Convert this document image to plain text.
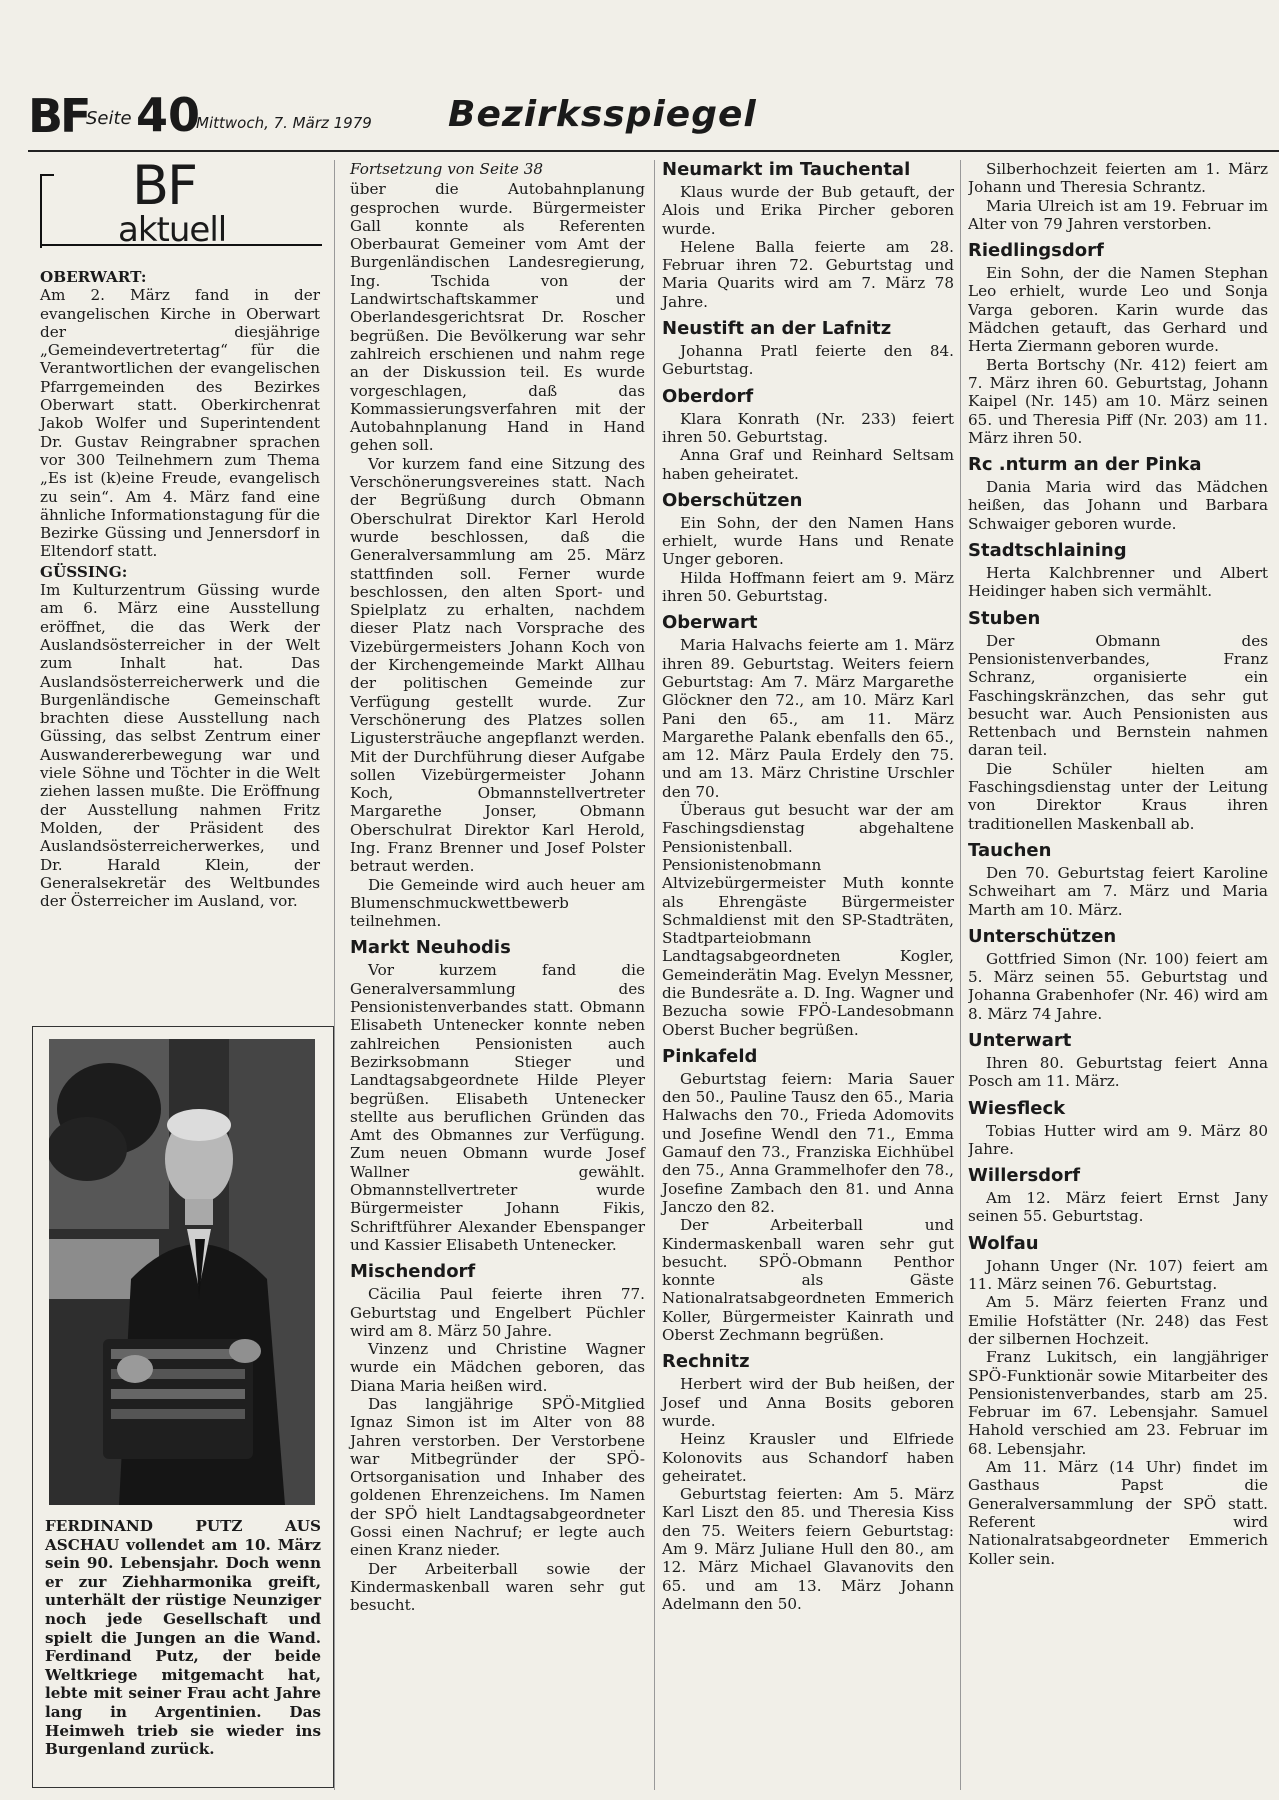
BF
Seite 40
Mittwoch, 7. März 1979 Bezirksspiegel
BF
aktuell

OBERWART:

Am 2. März fand in der evangelischen Kirche in Oberwart der diesjährige „Gemeindevertretertag“ für die Verantwortlichen der evangelischen Pfarrgemeinden des Bezirkes Oberwart statt. Oberkirchenrat Jakob Wolfer und Superintendent Dr. Gustav Reingrabner sprachen vor 300 Teilnehmern zum Thema „Es ist (k)eine Freude, evangelisch zu sein“. Am 4. März fand eine ähnliche Informationstagung für die Bezirke Güssing und Jennersdorf in Eltendorf statt.

GÜSSING:

Im Kulturzentrum Güssing wurde am 6. März eine Ausstellung eröffnet, die das Werk der Auslandsösterreicher in der Welt zum Inhalt hat. Das Auslandsösterreicherwerk und die Burgenländische Gemeinschaft brachten diese Ausstellung nach Güssing, das selbst Zentrum einer Auswandererbewegung war und viele Söhne und Töchter in die Welt ziehen lassen mußte. Die Eröffnung der Ausstellung nahmen Fritz Molden, der Präsident des Auslandsösterreicherwerkes, und Dr. Harald Klein, der Generalsekretär des Weltbundes der Österreicher im Ausland, vor.

FERDINAND PUTZ AUS ASCHAU vollendet am 10. März sein 90. Lebensjahr. Doch wenn er zur Ziehharmonika greift, unterhält der rüstige Neunziger noch jede Gesellschaft und spielt die Jungen an die Wand. Ferdinand Putz, der beide Weltkriege mitgemacht hat, lebte mit seiner Frau acht Jahre lang in Argentinien. Das Heimweh trieb sie wieder ins Burgenland zurück.

Fortsetzung von Seite 38

über die Autobahnplanung gesprochen wurde. Bürgermeister Gall konnte als Referenten Oberbaurat Gemeiner vom Amt der Burgenländischen Landesregierung, Ing. Tschida von der Landwirtschaftskammer und Oberlandesgerichtsrat Dr. Roscher begrüßen. Die Bevölkerung war sehr zahlreich erschienen und nahm rege an der Diskussion teil. Es wurde vorgeschlagen, daß das Kommassierungsverfahren mit der Autobahnplanung Hand in Hand gehen soll.

Vor kurzem fand eine Sitzung des Verschönerungsvereines statt. Nach der Begrüßung durch Obmann Oberschulrat Direktor Karl Herold wurde beschlossen, daß die Generalversammlung am 25. März stattfinden soll. Ferner wurde beschlossen, den alten Sport- und Spielplatz zu erhalten, nachdem dieser Platz nach Vorsprache des Vizebürgermeisters Johann Koch von der Kirchengemeinde Markt Allhau der politischen Gemeinde zur Verfügung gestellt wurde. Zur Verschönerung des Platzes sollen Ligustersträuche angepflanzt werden. Mit der Durchführung dieser Aufgabe sollen Vizebürgermeister Johann Koch, Obmannstellvertreter Margarethe Jonser, Obmann Oberschulrat Direktor Karl Herold, Ing. Franz Brenner und Josef Polster betraut werden.

Die Gemeinde wird auch heuer am Blumenschmuckwettbewerb teilnehmen.

Markt Neuhodis

Vor kurzem fand die Generalversammlung des Pensionistenverbandes statt. Obmann Elisabeth Untenecker konnte neben zahlreichen Pensionisten auch Bezirksobmann Stieger und Landtagsabgeordnete Hilde Pleyer begrüßen. Elisabeth Untenecker stellte aus beruflichen Gründen das Amt des Obmannes zur Verfügung. Zum neuen Obmann wurde Josef Wallner gewählt. Obmannstellvertreter wurde Bürgermeister Johann Fikis, Schriftführer Alexander Ebenspanger und Kassier Elisabeth Untenecker.

Mischendorf

Cäcilia Paul feierte ihren 77. Geburtstag und Engelbert Püchler wird am 8. März 50 Jahre.

Vinzenz und Christine Wagner wurde ein Mädchen geboren, das Diana Maria heißen wird.

Das langjährige SPÖ-Mitglied Ignaz Simon ist im Alter von 88 Jahren verstorben. Der Verstorbene war Mitbegründer der SPÖ-Ortsorganisation und Inhaber des goldenen Ehrenzeichens. Im Namen der SPÖ hielt Landtagsabgeordneter Gossi einen Nachruf; er legte auch einen Kranz nieder.

Der Arbeiterball sowie der Kindermaskenball waren sehr gut besucht.

Neumarkt im Tauchental

Klaus wurde der Bub getauft, der Alois und Erika Pircher geboren wurde.

Helene Balla feierte am 28. Februar ihren 72. Geburtstag und Maria Quarits wird am 7. März 78 Jahre.

Neustift an der Lafnitz

Johanna Pratl feierte den 84. Geburtstag.

Oberdorf

Klara Konrath (Nr. 233) feiert ihren 50. Geburtstag.

Anna Graf und Reinhard Seltsam haben geheiratet.

Oberschützen

Ein Sohn, der den Namen Hans erhielt, wurde Hans und Renate Unger geboren.

Hilda Hoffmann feiert am 9. März ihren 50. Geburtstag.

Oberwart

Maria Halvachs feierte am 1. März ihren 89. Geburtstag. Weiters feiern Geburtstag: Am 7. März Margarethe Glöckner den 72., am 10. März Karl Pani den 65., am 11. März Margarethe Palank ebenfalls den 65., am 12. März Paula Erdely den 75. und am 13. März Christine Urschler den 70.

Überaus gut besucht war der am Faschingsdienstag abgehaltene Pensionistenball. Pensionistenobmann Altvizebürgermeister Muth konnte als Ehrengäste Bürgermeister Schmaldienst mit den SP-Stadträten, Stadtparteiobmann Landtagsabgeordneten Kogler, Gemeinderätin Mag. Evelyn Messner, die Bundesräte a. D. Ing. Wagner und Bezucha sowie FPÖ-Landesobmann Oberst Bucher begrüßen.

Pinkafeld

Geburtstag feiern: Maria Sauer den 50., Pauline Tausz den 65., Maria Halwachs den 70., Frieda Adomovits und Josefine Wendl den 71., Emma Gamauf den 73., Franziska Eichhübel den 75., Anna Grammelhofer den 78., Josefine Zambach den 81. und Anna Janczo den 82.

Der Arbeiterball und Kindermaskenball waren sehr gut besucht. SPÖ-Obmann Penthor konnte als Gäste Nationalratsabgeordneten Emmerich Koller, Bürgermeister Kainrath und Oberst Zechmann begrüßen.

Rechnitz

Herbert wird der Bub heißen, der Josef und Anna Bosits geboren wurde.

Heinz Krausler und Elfriede Kolonovits aus Schandorf haben geheiratet.

Geburtstag feierten: Am 5. März Karl Liszt den 85. und Theresia Kiss den 75. Weiters feiern Geburtstag: Am 9. März Juliane Hull den 80., am 12. März Michael Glavanovits den 65. und am 13. März Johann Adelmann den 50.

Silberhochzeit feierten am 1. März Johann und Theresia Schrantz.

Maria Ulreich ist am 19. Februar im Alter von 79 Jahren verstorben.

Riedlingsdorf

Ein Sohn, der die Namen Stephan Leo erhielt, wurde Leo und Sonja Varga geboren. Karin wurde das Mädchen getauft, das Gerhard und Herta Ziermann geboren wurde.

Berta Bortschy (Nr. 412) feiert am 7. März ihren 60. Geburtstag, Johann Kaipel (Nr. 145) am 10. März seinen 65. und Theresia Piff (Nr. 203) am 11. März ihren 50.

Rc .nturm an der Pinka

Dania Maria wird das Mädchen heißen, das Johann und Barbara Schwaiger geboren wurde.

Stadtschlaining

Herta Kalchbrenner und Albert Heidinger haben sich vermählt.

Stuben

Der Obmann des Pensionistenverbandes, Franz Schranz, organisierte ein Faschingskränzchen, das sehr gut besucht war. Auch Pensionisten aus Rettenbach und Bernstein nahmen daran teil.

Die Schüler hielten am Faschingsdienstag unter der Leitung von Direktor Kraus ihren traditionellen Maskenball ab.

Tauchen

Den 70. Geburtstag feiert Karoline Schweihart am 7. März und Maria Marth am 10. März.

Unterschützen

Gottfried Simon (Nr. 100) feiert am 5. März seinen 55. Geburtstag und Johanna Grabenhofer (Nr. 46) wird am 8. März 74 Jahre.

Unterwart

Ihren 80. Geburtstag feiert Anna Posch am 11. März.

Wiesfleck

Tobias Hutter wird am 9. März 80 Jahre.

Willersdorf

Am 12. März feiert Ernst Jany seinen 55. Geburtstag.

Wolfau

Johann Unger (Nr. 107) feiert am 11. März seinen 76. Geburtstag.

Am 5. März feierten Franz und Emilie Hofstätter (Nr. 248) das Fest der silbernen Hochzeit.

Franz Lukitsch, ein langjähriger SPÖ-Funktionär sowie Mitarbeiter des Pensionistenverbandes, starb am 25. Februar im 67. Lebensjahr. Samuel Hahold verschied am 23. Februar im 68. Lebensjahr.

Am 11. März (14 Uhr) findet im Gasthaus Papst die Generalversammlung der SPÖ statt. Referent wird Nationalratsabgeordneter Emmerich Koller sein.
